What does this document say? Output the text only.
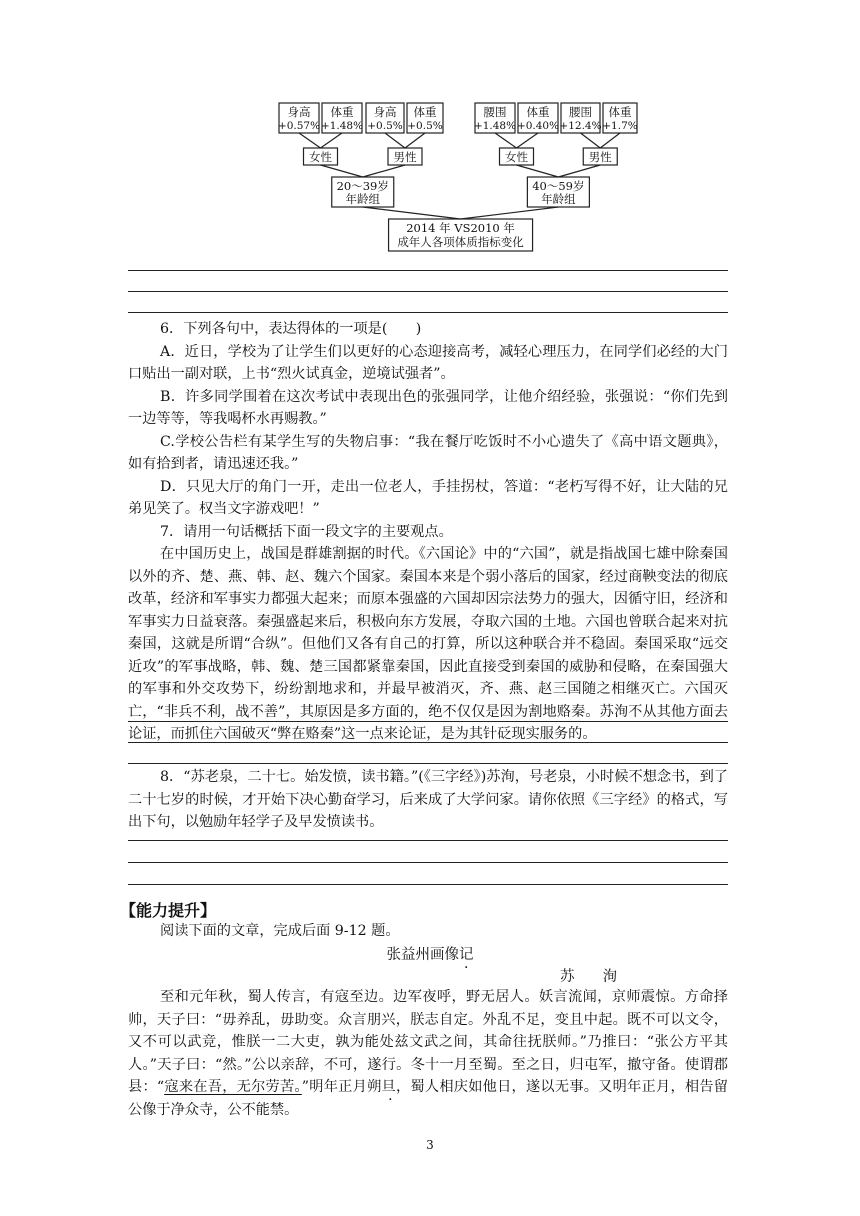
身高
+0.57%
体重
+1.48%
身高
+0.5%
体重
+0.5%
腰围
+1.48%
体重
+0.40%
腰围
+12.4%
体重
+1.7%
女性	男性	女性	男性
20～39岁
年龄组
40～59岁
年龄组
2014 年 VS2010 年
成年人各项体质指标变化
6．下列各句中，表达得体的一项是(　　)
A．近日，学校为了让学生们以更好的心态迎接高考，减轻心理压力，在同学们必经的大门口贴出一副对联，上书“烈火试真金，逆境试强者”。
B．许多同学围着在这次考试中表现出色的张强同学，让他介绍经验，张强说：“你们先到一边等等，等我喝杯水再赐教。”
C.学校公告栏有某学生写的失物启事：“我在餐厅吃饭时不小心遗失了《高中语文题典》，如有拾到者，请迅速还我。”
D．只见大厅的角门一开，走出一位老人，手挂拐杖，答道：“老朽写得不好，让大陆的兄弟见笑了。权当文字游戏吧！”
7．请用一句话概括下面一段文字的主要观点。
在中国历史上，战国是群雄割据的时代。《六国论》中的“六国”，就是指战国七雄中除秦国以外的齐、楚、燕、韩、赵、魏六个国家。秦国本来是个弱小落后的国家，经过商鞅变法的彻底改革，经济和军事实力都强大起来；而原本强盛的六国却因宗法势力的强大，因循守旧，经济和军事实力日益衰落。秦强盛起来后，积极向东方发展，夺取六国的土地。六国也曾联合起来对抗秦国，这就是所谓“合纵”。但他们又各有自己的打算，所以这种联合并不稳固。秦国采取“远交近攻”的军事战略，韩、魏、楚三国都紧靠秦国，因此直接受到秦国的威胁和侵略，在秦国强大的军事和外交攻势下，纷纷割地求和，并最早被消灭，齐、燕、赵三国随之相继灭亡。六国灭亡，“非兵不利，战不善”，其原因是多方面的，绝不仅仅是因为割地赂秦。苏洵不从其他方面去论证，而抓住六国破灭“弊在赂秦”这一点来论证，是为其针砭现实服务的。
8．“苏老泉，二十七。始发愤，读书籍。”(《三字经》)苏洵，号老泉，小时候不想念书，到了二十七岁的时候，才开始下决心勤奋学习，后来成了大学问家。请你依照《三字经》的格式，写出下句，以勉励年轻学子及早发愤读书。
【能力提升】
阅读下面的文章，完成后面 9-12 题。
张益州画像记
苏洵
至和元年秋，蜀人传言，有寇至边。边军夜呼，野无居人。妖言流闻，京师震惊。方命择帅，天子曰：“毋养乱，毋助变。众言朋兴，朕志自定。外乱不足，变且中起。既不可以文令，又不可以武竞，惟朕一二大吏，孰为能处兹文武之间，其命往抚朕师。”乃推曰：“张公方平其人。”天子曰：“然。”公以亲辞，不可，遂行。冬十一月至蜀。至之日，归屯军，撤守备。使谓郡县：“寇来在吾，无尔劳苦。”明年正月朔旦，蜀人相庆如他日，遂以无事。又明年正月，相告留公像于净众寺，公不能禁。
3
